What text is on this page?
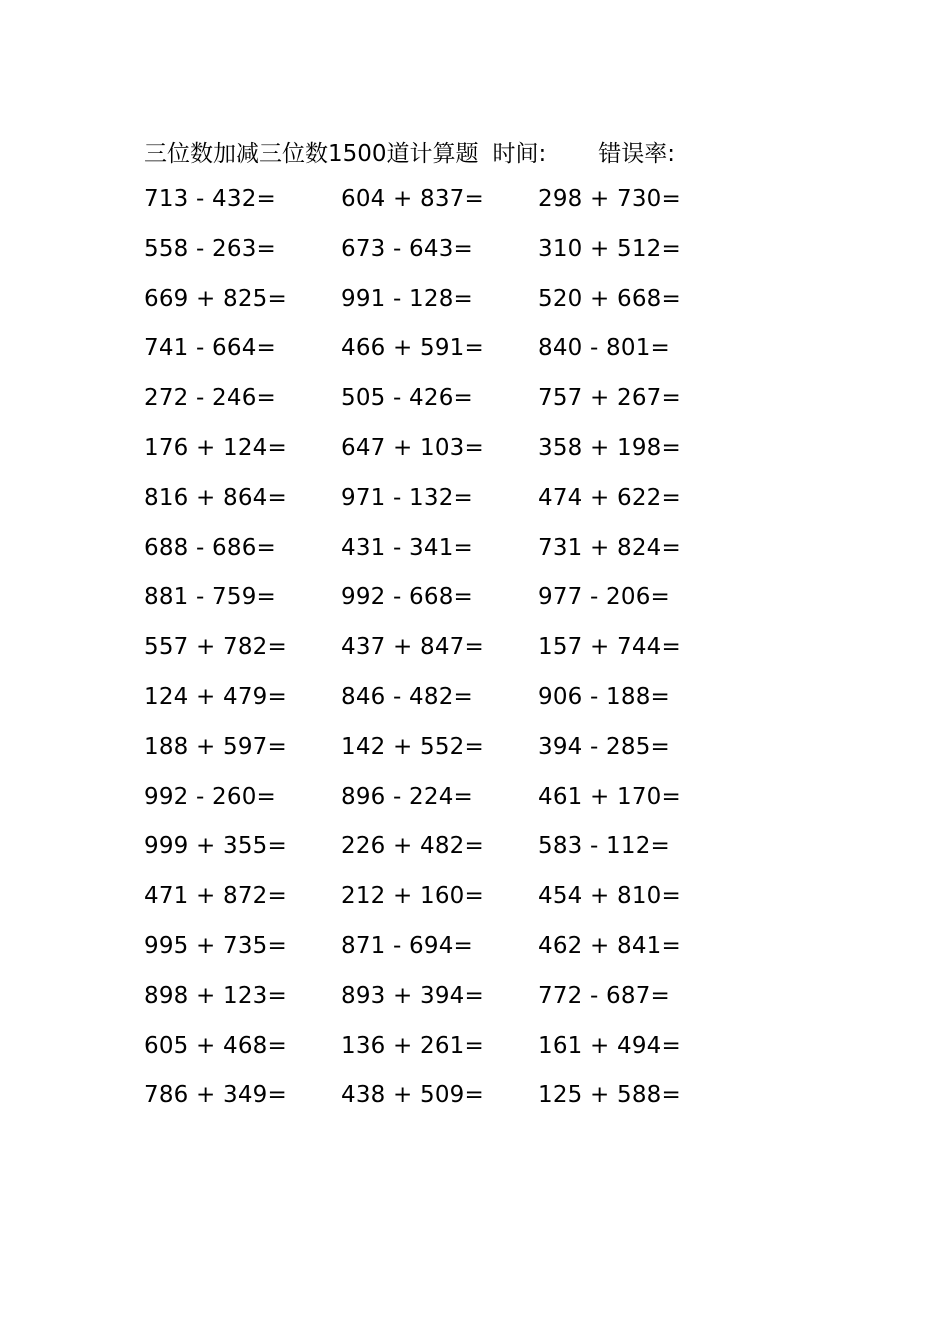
三位数加减三位数1500道计算题 时间: 错误率:
713 - 432=	604 + 837=	298 + 730=
558 - 263=	673 - 643=	310 + 512=
669 + 825=	991 - 128=	520 + 668=
741 - 664=	466 + 591=	840 - 801=
272 - 246=	505 - 426=	757 + 267=
176 + 124=	647 + 103=	358 + 198=
816 + 864=	971 - 132=	474 + 622=
688 - 686=	431 - 341=	731 + 824=
881 - 759=	992 - 668=	977 - 206=
557 + 782=	437 + 847=	157 + 744=
124 + 479=	846 - 482=	906 - 188=
188 + 597=	142 + 552=	394 - 285=
992 - 260=	896 - 224=	461 + 170=
999 + 355=	226 + 482=	583 - 112=
471 + 872=	212 + 160=	454 + 810=
995 + 735=	871 - 694=	462 + 841=
898 + 123=	893 + 394=	772 - 687=
605 + 468=	136 + 261=	161 + 494=
786 + 349=	438 + 509=	125 + 588=
